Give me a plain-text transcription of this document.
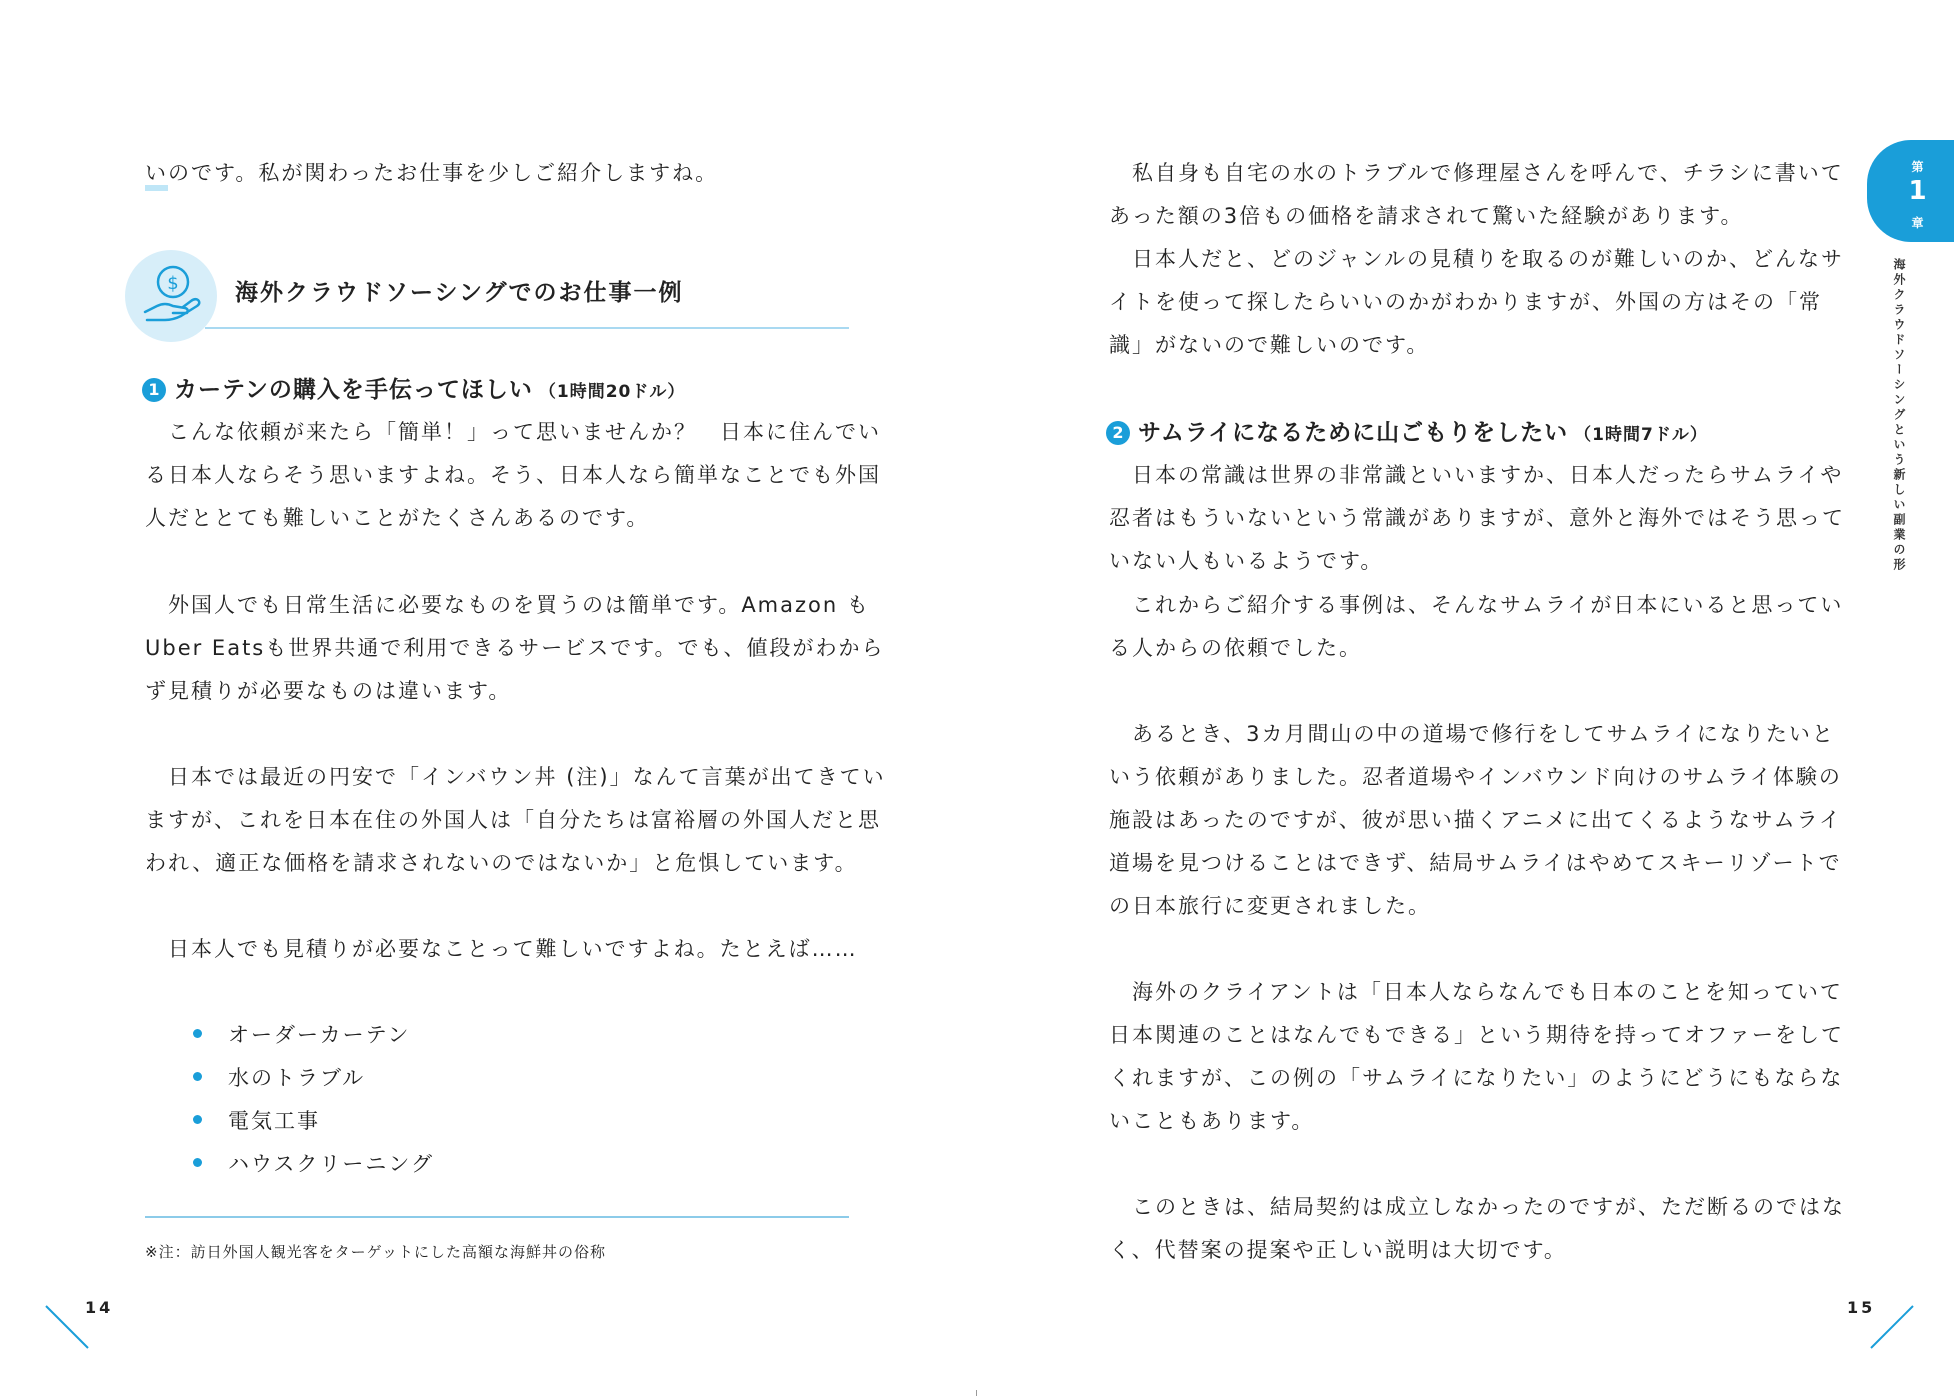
いのです。私が関わったお仕事を少しご紹介しますね。
$ 海外クラウドソーシングでのお仕事一例
1 カーテンの購入を手伝ってほしい （1時間20ドル）
　こんな依頼が来たら「簡単！」って思いませんか？　日本に住んでい
る日本人ならそう思いますよね。そう、日本人なら簡単なことでも外国
人だととても難しいことがたくさんあるのです。
　外国人でも日常生活に必要なものを買うのは簡単です。Amazon も
Uber Eatsも世界共通で利用できるサービスです。でも、値段がわから
ず見積りが必要なものは違います。
　日本では最近の円安で「インバウン丼 (注)」なんて言葉が出てきてい
ますが、これを日本在住の外国人は「自分たちは富裕層の外国人だと思
われ、適正な価格を請求されないのではないか」と危惧しています。
　日本人でも見積りが必要なことって難しいですよね。たとえば……
オーダーカーテン
水のトラブル
電気工事
ハウスクリーニング
※注：訪日外国人観光客をターゲットにした高額な海鮮丼の俗称
14
　私自身も自宅の水のトラブルで修理屋さんを呼んで、チラシに書いて
あった額の3倍もの価格を請求されて驚いた経験があります。
　日本人だと、どのジャンルの見積りを取るのが難しいのか、どんなサ
イトを使って探したらいいのかがわかりますが、外国の方はその「常
識」がないので難しいのです。
2 サムライになるために山ごもりをしたい （1時間7ドル）
　日本の常識は世界の非常識といいますか、日本人だったらサムライや
忍者はもういないという常識がありますが、意外と海外ではそう思って
いない人もいるようです。
　これからご紹介する事例は、そんなサムライが日本にいると思ってい
る人からの依頼でした。
　あるとき、3カ月間山の中の道場で修行をしてサムライになりたいと
いう依頼がありました。忍者道場やインバウンド向けのサムライ体験の
施設はあったのですが、彼が思い描くアニメに出てくるようなサムライ
道場を見つけることはできず、結局サムライはやめてスキーリゾートで
の日本旅行に変更されました。
　海外のクライアントは「日本人ならなんでも日本のことを知っていて
日本関連のことはなんでもできる」という期待を持ってオファーをして
くれますが、この例の「サムライになりたい」のようにどうにもならな
いこともあります。
　このときは、結局契約は成立しなかったのですが、ただ断るのではな
く、代替案の提案や正しい説明は大切です。
15
第
1
章
海外クラウドソーシングという新しい副業の形
